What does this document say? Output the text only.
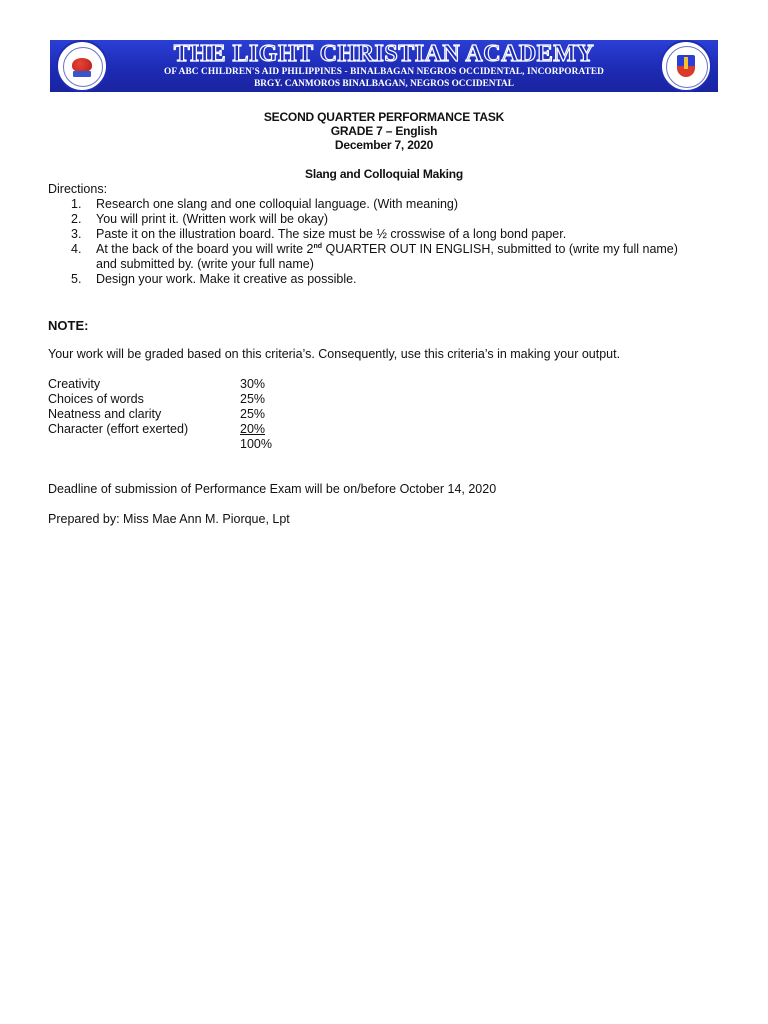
THE LIGHT CHRISTIAN ACADEMY
OF ABC CHILDREN'S AID PHILIPPINES - BINALBAGAN NEGROS OCCIDENTAL, INCORPORATED
BRGY. CANMOROS BINALBAGAN, NEGROS OCCIDENTAL
SECOND QUARTER PERFORMANCE TASK
GRADE 7 – English
December 7, 2020
Slang and Colloquial Making
Directions:
1. Research one slang and one colloquial language. (With meaning)
2. You will print it. (Written work will be okay)
3. Paste it on the illustration board. The size must be ½ crosswise of a long bond paper.
4. At the back of the board you will write 2nd QUARTER OUT IN ENGLISH, submitted to (write my full name)
and submitted by. (write your full name)
5. Design your work. Make it creative as possible.
NOTE:
Your work will be graded based on this criteria’s. Consequently, use this criteria’s in making your output.
Creativity	30%
Choices of words	25%
Neatness and clarity	25%
Character (effort exerted)	20%
100%
Deadline of submission of Performance Exam will be on/before October 14, 2020
Prepared by: Miss Mae Ann M. Piorque, Lpt
